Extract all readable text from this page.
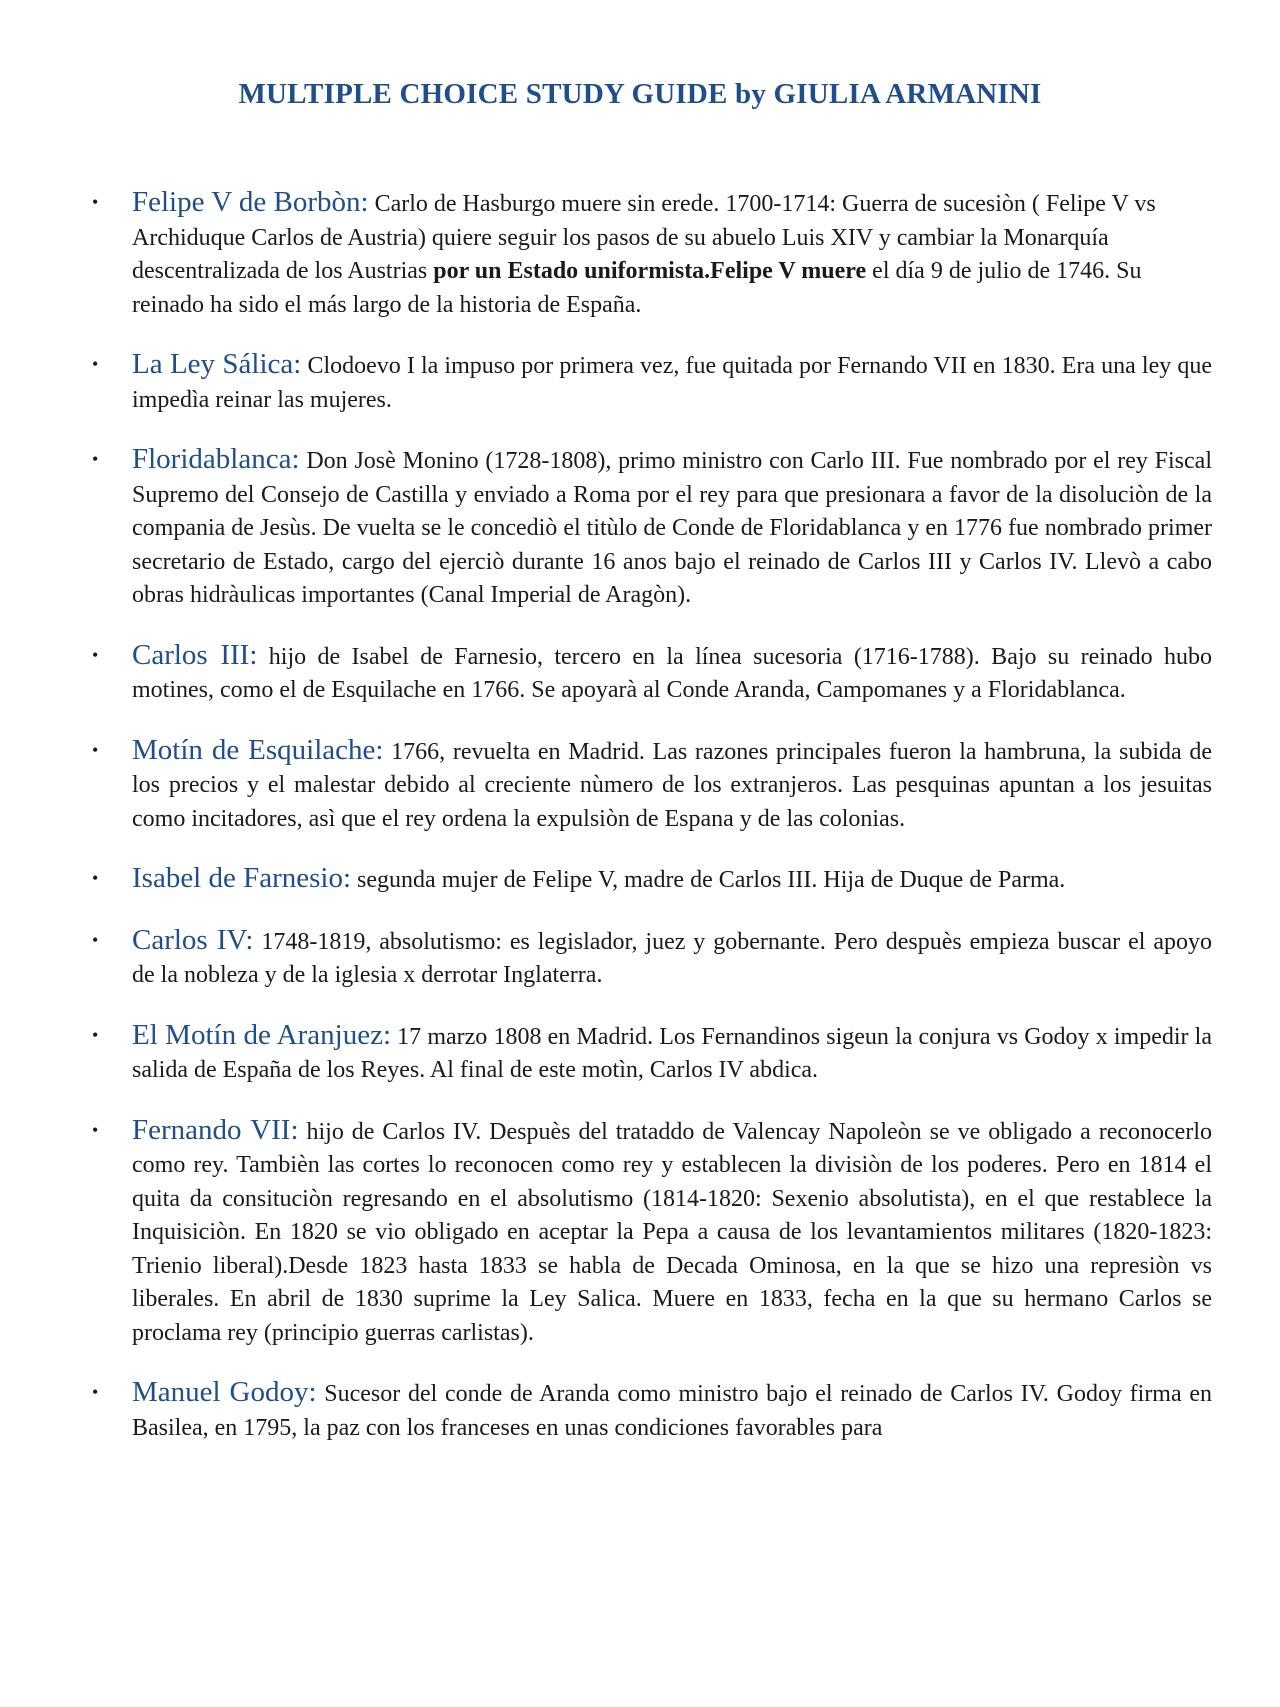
MULTIPLE CHOICE STUDY GUIDE by GIULIA ARMANINI
• Felipe V de Borbòn: Carlo de Hasburgo muere sin erede. 1700-1714: Guerra de sucesiòn ( Felipe V vs Archiduque Carlos de Austria) quiere seguir los pasos de su abuelo Luis XIV y cambiar la Monarquía descentralizada de los Austrias por un Estado uniformista.Felipe V muere el día 9 de julio de 1746. Su reinado ha sido el más largo de la historia de España.
• La Ley Sálica: Clodoevo I la impuso por primera vez, fue quitada por Fernando VII en 1830. Era una ley que impedìa reinar las mujeres.
• Floridablanca: Don Josè Monino (1728-1808), primo ministro con Carlo III. Fue nombrado por el rey Fiscal Supremo del Consejo de Castilla y enviado a Roma por el rey para que presionara a favor de la disoluciòn de la compania de Jesùs. De vuelta se le concediò el titùlo de Conde de Floridablanca y en 1776 fue nombrado primer secretario de Estado, cargo del ejerciò durante 16 anos bajo el reinado de Carlos III y Carlos IV. Llevò a cabo obras hidràulicas importantes (Canal Imperial de Aragòn).
• Carlos III: hijo de Isabel de Farnesio, tercero en la línea sucesoria (1716-1788). Bajo su reinado hubo motines, como el de Esquilache en 1766. Se apoyarà al Conde Aranda, Campomanes y a Floridablanca.
• Motín de Esquilache: 1766, revuelta en Madrid. Las razones principales fueron la hambruna, la subida de los precios y el malestar debido al creciente nùmero de los extranjeros. Las pesquinas apuntan a los jesuitas como incitadores, asì que el rey ordena la expulsiòn de Espana y de las colonias.
• Isabel de Farnesio: segunda mujer de Felipe V, madre de Carlos III. Hija de Duque de Parma.
• Carlos IV: 1748-1819, absolutismo: es legislador, juez y gobernante. Pero despuès empieza buscar el apoyo de la nobleza y de la iglesia x derrotar Inglaterra.
• El Motín de Aranjuez: 17 marzo 1808 en Madrid. Los Fernandinos sigeun la conjura vs Godoy x impedir la salida de España de los Reyes. Al final de este motìn, Carlos IV abdica.
• Fernando VII: hijo de Carlos IV. Despuès del trataddo de Valencay Napoleòn se ve obligado a reconocerlo como rey. Tambièn las cortes lo reconocen como rey y establecen la divisiòn de los poderes. Pero en 1814 el quita da consituciòn regresando en el absolutismo (1814-1820: Sexenio absolutista), en el que restablece la Inquisiciòn. En 1820 se vio obligado en aceptar la Pepa a causa de los levantamientos militares (1820-1823: Trienio liberal).Desde 1823 hasta 1833 se habla de Decada Ominosa, en la que se hizo una represiòn vs liberales. En abril de 1830 suprime la Ley Salica. Muere en 1833, fecha en la que su hermano Carlos se proclama rey (principio guerras carlistas).
• Manuel Godoy: Sucesor del conde de Aranda como ministro bajo el reinado de Carlos IV. Godoy firma en Basilea, en 1795, la paz con los franceses en unas condiciones favorables para
